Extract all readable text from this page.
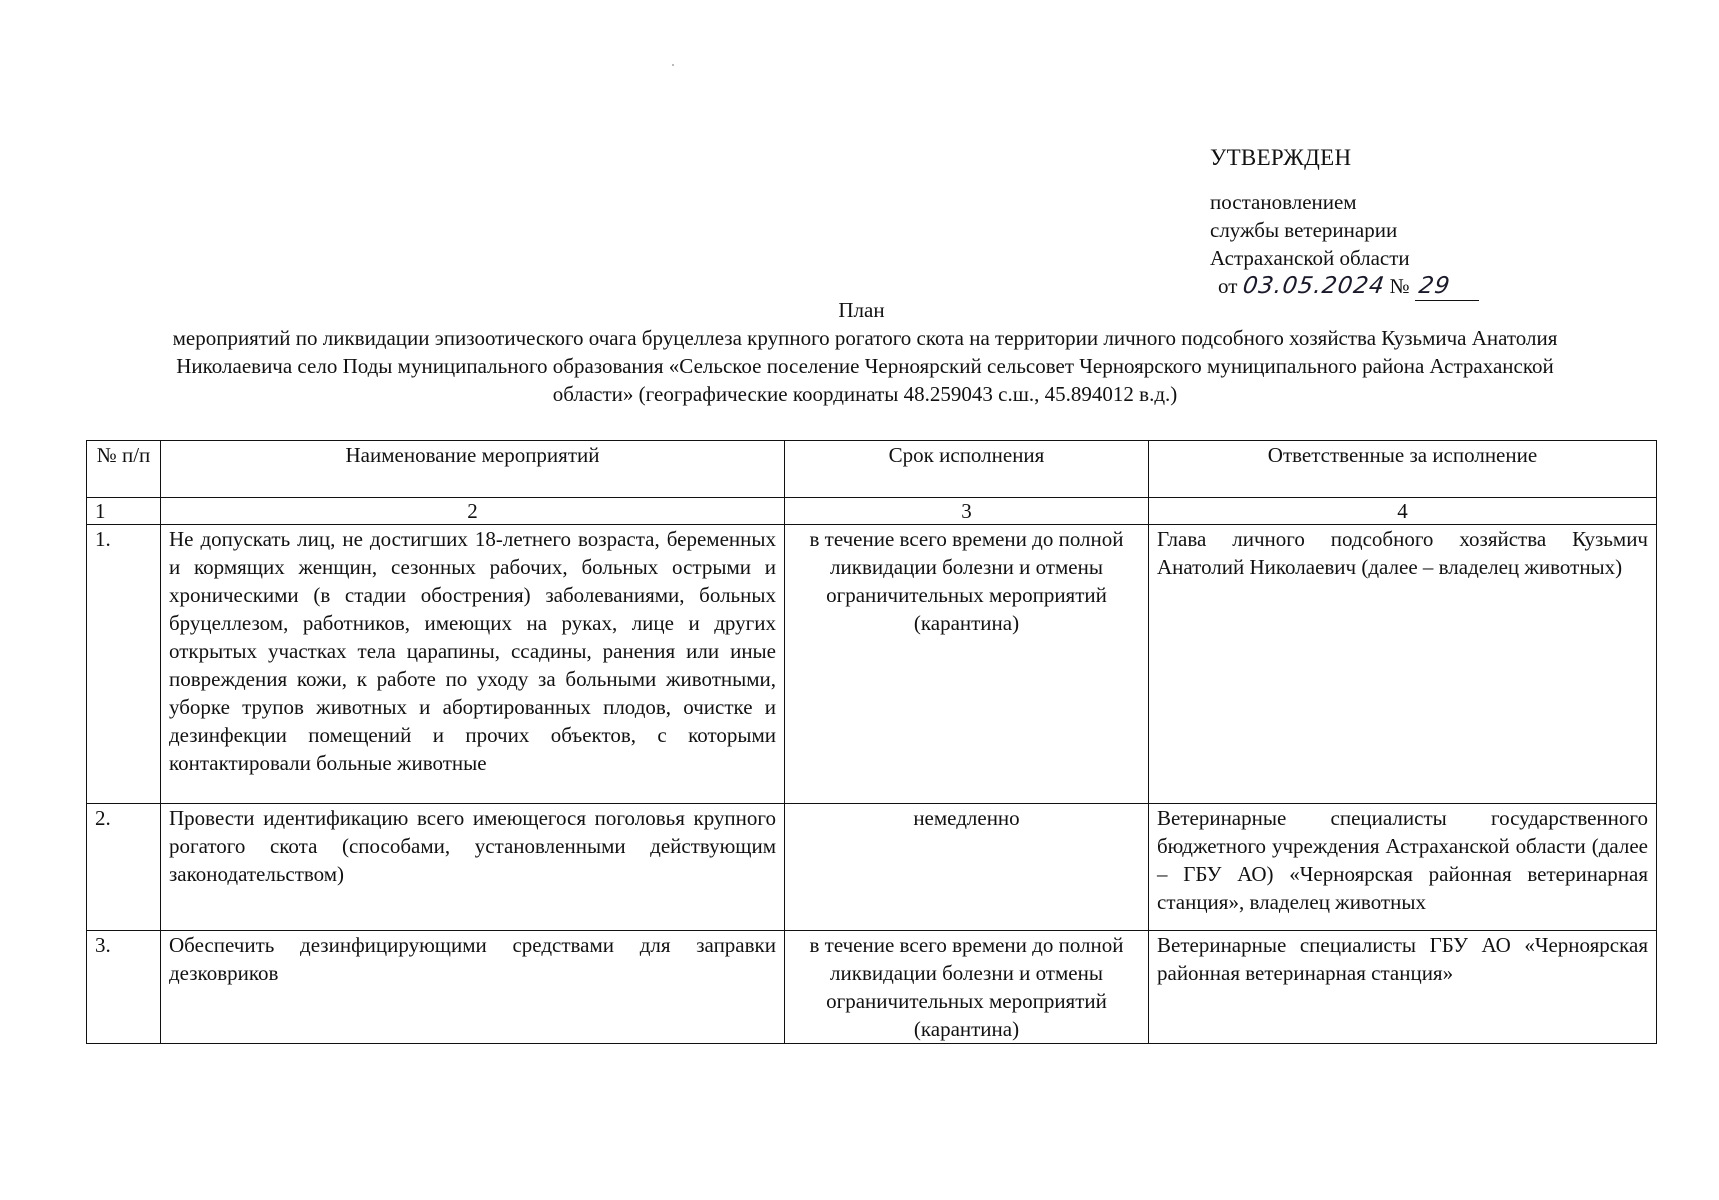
УТВЕРЖДЕН
постановлением
службы ветеринарии
Астраханской области
от 03.05.2024 № 29
План
мероприятий по ликвидации эпизоотического очага бруцеллеза крупного рогатого скота на территории личного подсобного хозяйства Кузьмича Анатолия Николаевича село Поды муниципального образования «Сельское поселение Черноярский сельсовет Черноярского муниципального района Астраханской области» (географические координаты 48.259043 с.ш., 45.894012 в.д.)
№ п/п	Наименование мероприятий	Срок исполнения	Ответственные за исполнение
1	2	3	4
1.	Не допускать лиц, не достигших 18-летнего возраста, беременных и кормящих женщин, сезонных рабочих, больных острыми и хроническими (в стадии обострения) заболеваниями, больных бруцеллезом, работников, имеющих на руках, лице и других открытых участках тела царапины, ссадины, ранения или иные повреждения кожи, к работе по уходу за больными животными, уборке трупов животных и абортированных плодов, очистке и дезинфекции помещений и прочих объектов, с которыми контактировали больные животные	в течение всего времени до полной ликвидации болезни и отмены ограничительных мероприятий (карантина)	Глава личного подсобного хозяйства Кузьмич Анатолий Николаевич (далее – владелец животных)
2.	Провести идентификацию всего имеющегося поголовья крупного рогатого скота (способами, установленными действующим законодательством)	немедленно	Ветеринарные специалисты государственного бюджетного учреждения Астраханской области (далее – ГБУ АО) «Черноярская районная ветеринарная станция», владелец животных
3.	Обеспечить дезинфицирующими средствами для заправки дезковриков	в течение всего времени до полной ликвидации болезни и отмены ограничительных мероприятий (карантина)	Ветеринарные специалисты ГБУ АО «Черноярская районная ветеринарная станция»
